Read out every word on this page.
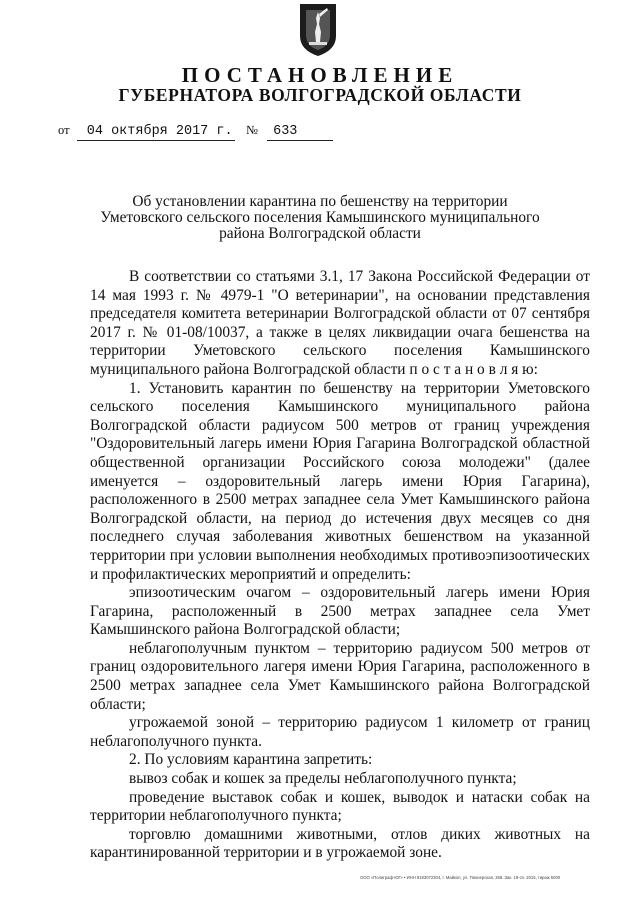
ПОСТАНОВЛЕНИЕ
ГУБЕРНАТОРА ВОЛГОГРАДСКОЙ ОБЛАСТИ
от 04 октября 2017 г. № 633
Об установлении карантина по бешенству на территории Уметовского сельского поселения Камышинского муниципального района Волгоградской области

В соответствии со статьями 3.1, 17 Закона Российской Федерации от 14 мая 1993 г. № 4979-1 "О ветеринарии", на основании представления председателя комитета ветеринарии Волгоградской области от 07 сентября 2017 г. № 01-08/10037, а также в целях ликвидации очага бешенства на территории Уметовского сельского поселения Камышинского муниципального района Волгоградской области п о с т а н о в л я ю:

1. Установить карантин по бешенству на территории Уметовского сельского поселения Камышинского муниципального района Волгоградской области радиусом 500 метров от границ учреждения "Оздоровительный лагерь имени Юрия Гагарина Волгоградской областной общественной организации Российского союза молодежи" (далее именуется – оздоровительный лагерь имени Юрия Гагарина), расположенного в 2500 метрах западнее села Умет Камышинского района Волгоградской области, на период до истечения двух месяцев со дня последнего случая заболевания животных бешенством на указанной территории при условии выполнения необходимых противоэпизоотических и профилактических мероприятий и определить:

эпизоотическим очагом – оздоровительный лагерь имени Юрия Гагарина, расположенный в 2500 метрах западнее села Умет Камышинского района Волгоградской области;

неблагополучным пунктом – территорию радиусом 500 метров от границ оздоровительного лагеря имени Юрия Гагарина, расположенного в 2500 метрах западнее села Умет Камышинского района Волгоградской области;

угрожаемой зоной – территорию радиусом 1 километр от границ неблагополучного пункта.

2. По условиям карантина запретить:

вывоз собак и кошек за пределы неблагополучного пункта;

проведение выставок собак и кошек, выводок и натаски собак на территории неблагополучного пункта;

торговлю домашними животными, отлов диких животных на карантинированной территории и в угрожаемой зоне.

ООО «Полиграф-ЮГ» • ИНН 9183072304, г. Майкоп, ул. Пионерская, 268. Зак. 19-сп. 2015, тираж 5000
